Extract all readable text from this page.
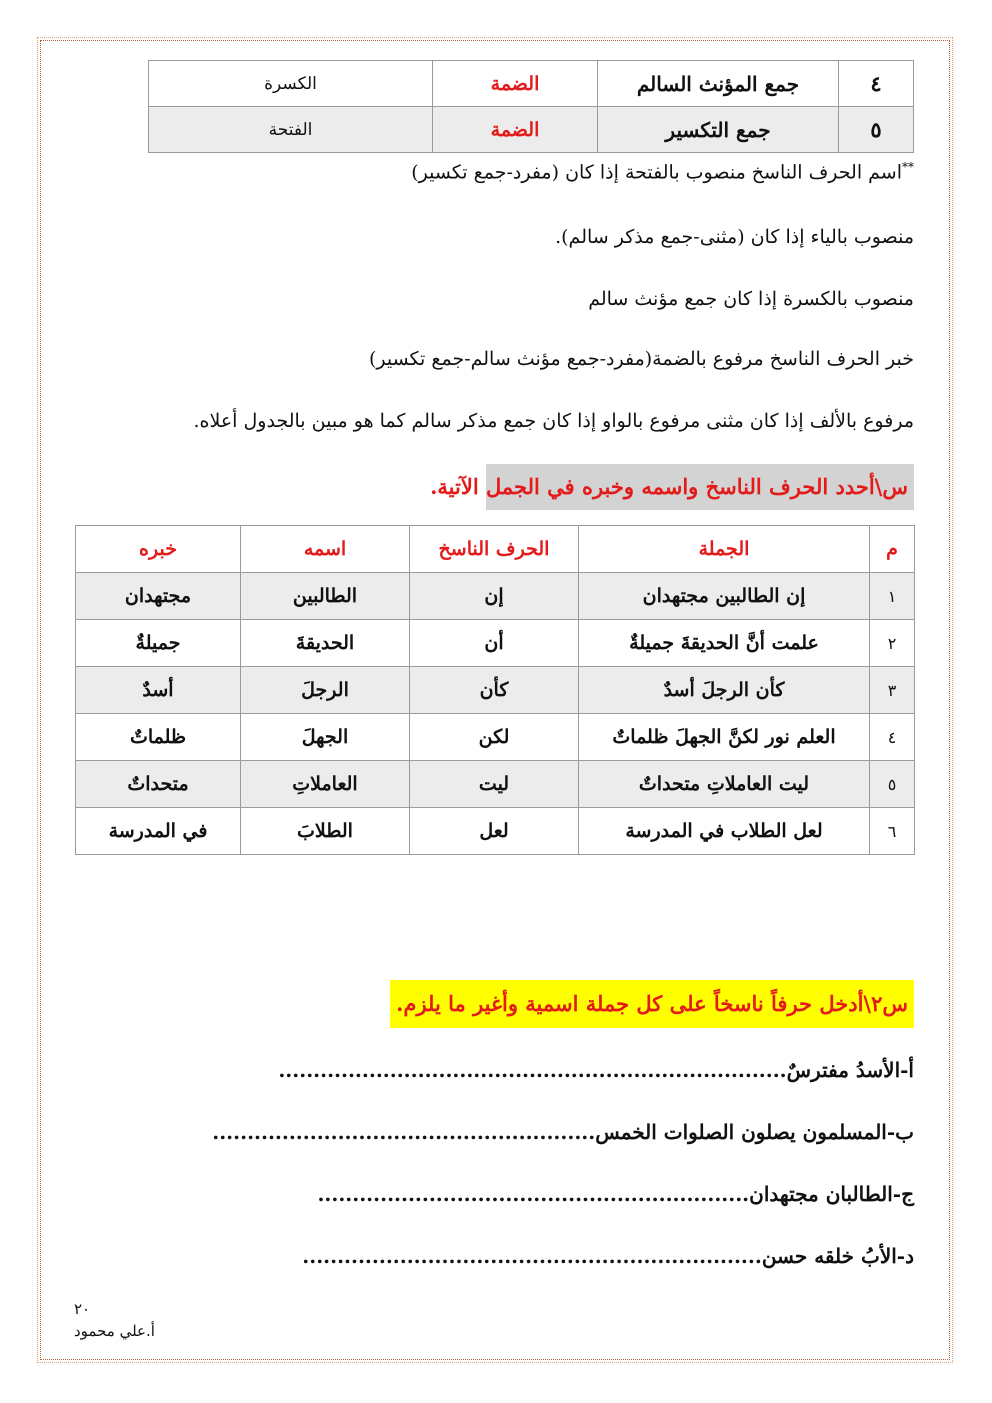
٤	جمع المؤنث السالم	الضمة	الكسرة
٥	جمع التكسير	الضمة	الفتحة
**اسم الحرف الناسخ منصوب بالفتحة إذا كان (مفرد-جمع تكسير)
منصوب بالياء إذا كان (مثنى-جمع مذكر سالم).
منصوب بالكسرة إذا كان جمع مؤنث سالم
خبر الحرف الناسخ مرفوع بالضمة(مفرد-جمع مؤنث سالم-جمع تكسير)
مرفوع بالألف إذا كان مثنى مرفوع بالواو إذا كان جمع مذكر سالم كما هو مبين بالجدول أعلاه.
س\أحدد الحرف الناسخ واسمه وخبره في الجمل الآتية.
م	الجملة	الحرف الناسخ	اسمه	خبره
١	إن الطالبين مجتهدان	إن	الطالبين	مجتهدان
٢	علمت أنَّ الحديقةَ جميلةٌ	أن	الحديقةَ	جميلةٌ
٣	كأن الرجلَ أسدٌ	كأن	الرجلَ	أسدٌ
٤	العلم نور لكنَّ الجهلَ ظلماتٌ	لكن	الجهلَ	ظلماتٌ
٥	ليت العاملاتِ متحداتٌ	ليت	العاملاتِ	متحداتٌ
٦	لعل الطلاب في المدرسة	لعل	الطلابَ	في المدرسة
س٢\أدخل حرفاً ناسخاً على كل جملة اسمية وأغير ما يلزم.
أ-الأسدُ مفترسٌ.........................................................................
ب-المسلمون يصلون الصلوات الخمس.......................................................
ج-الطالبان مجتهدان..............................................................
د-الأبُ خلقه حسن..................................................................
٢٠
أ.علي محمود
